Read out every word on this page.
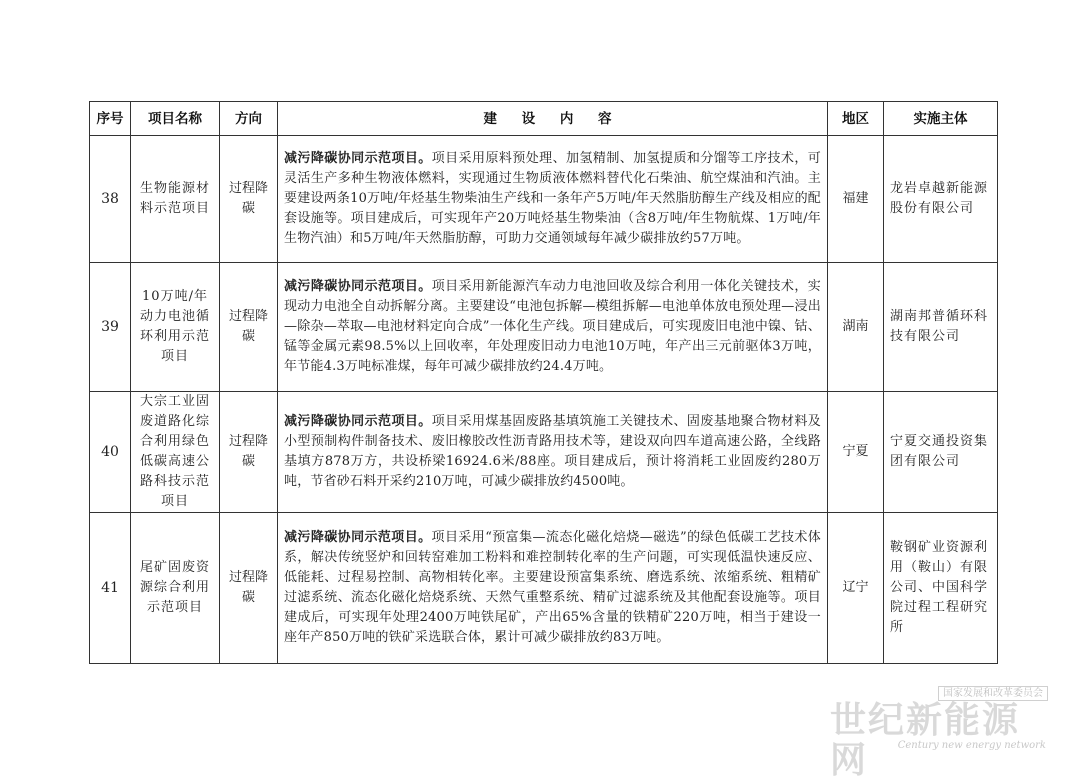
序号	项目名称	方向	建 设 内 容	地区	实施主体
38	生物能源材料示范项目	过程降碳	减污降碳协同示范项目。项目采用原料预处理、加氢精制、加氢提质和分馏等工序技术，可灵活生产多种生物液体燃料，实现通过生物质液体燃料替代化石柴油、航空煤油和汽油。主要建设两条10万吨/年烃基生物柴油生产线和一条年产5万吨/年天然脂肪醇生产线及相应的配套设施等。项目建成后，可实现年产20万吨烃基生物柴油（含8万吨/年生物航煤、1万吨/年生物汽油）和5万吨/年天然脂肪醇，可助力交通领域每年减少碳排放约57万吨。	福建	龙岩卓越新能源股份有限公司
39	10万吨/年动力电池循环利用示范项目	过程降碳	减污降碳协同示范项目。项目采用新能源汽车动力电池回收及综合利用一体化关键技术，实现动力电池全自动拆解分离。主要建设“电池包拆解—模组拆解—电池单体放电预处理—浸出—除杂—萃取—电池材料定向合成”一体化生产线。项目建成后，可实现废旧电池中镍、钴、锰等金属元素98.5%以上回收率，年处理废旧动力电池10万吨，年产出三元前驱体3万吨，年节能4.3万吨标准煤，每年可减少碳排放约24.4万吨。	湖南	湖南邦普循环科技有限公司
40	大宗工业固废道路化综合利用绿色低碳高速公路科技示范项目	过程降碳	减污降碳协同示范项目。项目采用煤基固废路基填筑施工关键技术、固废基地聚合物材料及小型预制构件制备技术、废旧橡胶改性沥青路用技术等，建设双向四车道高速公路，全线路基填方878万方，共设桥梁16924.6米/88座。项目建成后，预计将消耗工业固废约280万吨，节省砂石料开采约210万吨，可减少碳排放约4500吨。	宁夏	宁夏交通投资集团有限公司
41	尾矿固废资源综合利用示范项目	过程降碳	减污降碳协同示范项目。项目采用“预富集—流态化磁化焙烧—磁选”的绿色低碳工艺技术体系，解决传统竖炉和回转窑难加工粉料和难控制转化率的生产问题，可实现低温快速反应、低能耗、过程易控制、高物相转化率。主要建设预富集系统、磨选系统、浓缩系统、粗精矿过滤系统、流态化磁化焙烧系统、天然气重整系统、精矿过滤系统及其他配套设施等。项目建成后，可实现年处理2400万吨铁尾矿，产出65%含量的铁精矿220万吨，相当于建设一座年产850万吨的铁矿采选联合体，累计可减少碳排放约83万吨。	辽宁	鞍钢矿业资源利用（鞍山）有限公司、中国科学院过程工程研究所
国家发展和改革委员会
世纪新能源网	Century new energy network
